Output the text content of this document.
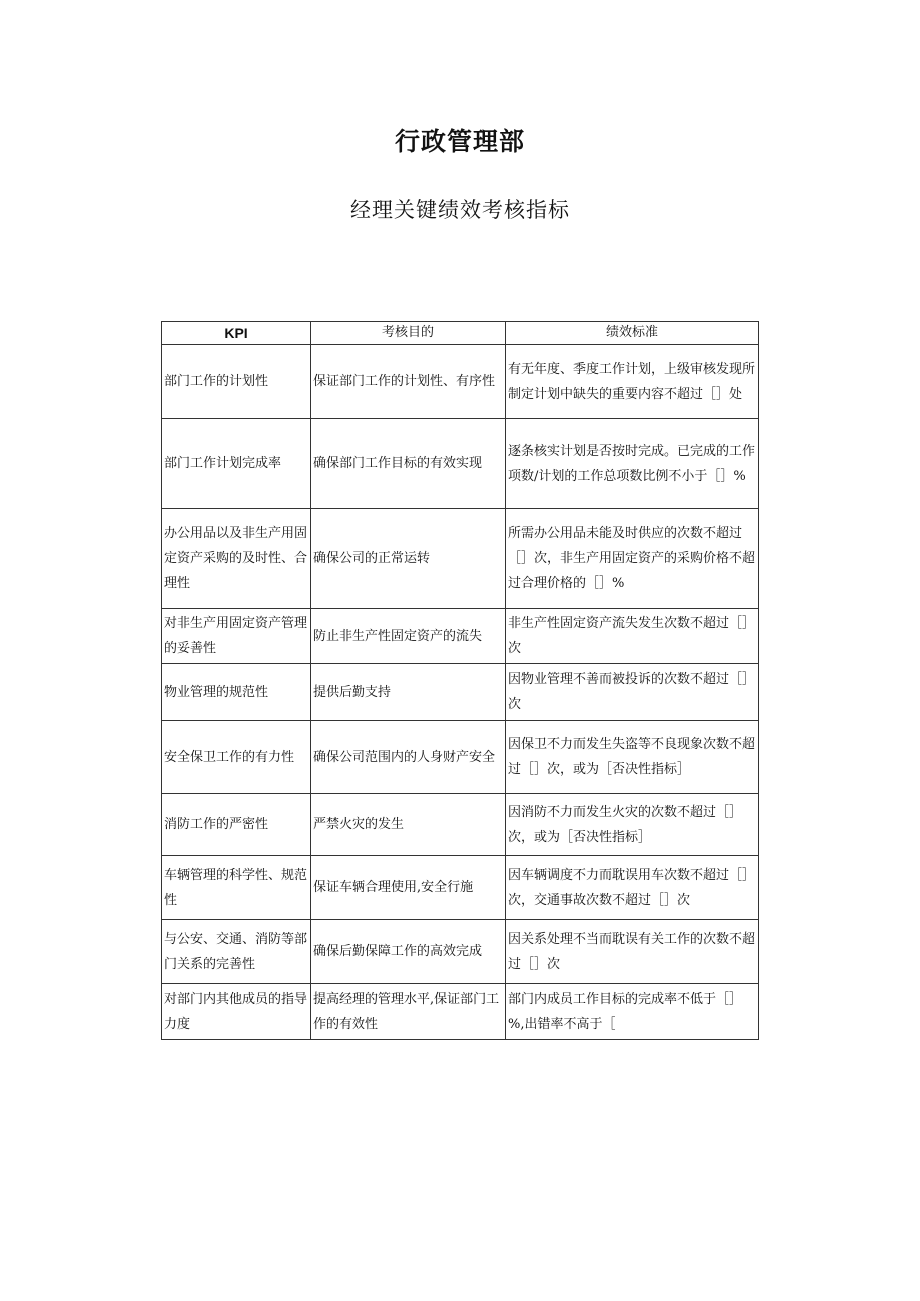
行政管理部
经理关键绩效考核指标
KPI	考核目的	绩效标准
部门工作的计划性	保证部门工作的计划性、有序性	有无年度、季度工作计划，上级审核发现所制定计划中缺失的重要内容不超过［］处
部门工作计划完成率	确保部门工作目标的有效实现	逐条核实计划是否按时完成。已完成的工作项数/计划的工作总项数比例不小于［］%
办公用品以及非生产用固定资产采购的及时性、合理性	确保公司的正常运转	所需办公用品未能及时供应的次数不超过［］次，非生产用固定资产的采购价格不超过合理价格的［］%
对非生产用固定资产管理的妥善性	防止非生产性固定资产的流失	非生产性固定资产流失发生次数不超过［］次
物业管理的规范性	提供后勤支持	因物业管理不善而被投诉的次数不超过［］次
安全保卫工作的有力性	确保公司范围内的人身财产安全	因保卫不力而发生失盗等不良现象次数不超过［］次，或为［否决性指标］
消防工作的严密性	严禁火灾的发生	因消防不力而发生火灾的次数不超过［］次，或为［否决性指标］
车辆管理的科学性、规范性	保证车辆合理使用,安全行施	因车辆调度不力而耽误用车次数不超过［］次，交通事故次数不超过［］次
与公安、交通、消防等部门关系的完善性	确保后勤保障工作的高效完成	因关系处理不当而耽误有关工作的次数不超过［］次
对部门内其他成员的指导力度	提高经理的管理水平,保证部门工作的有效性	部门内成员工作目标的完成率不低于［］%,出错率不高于［
